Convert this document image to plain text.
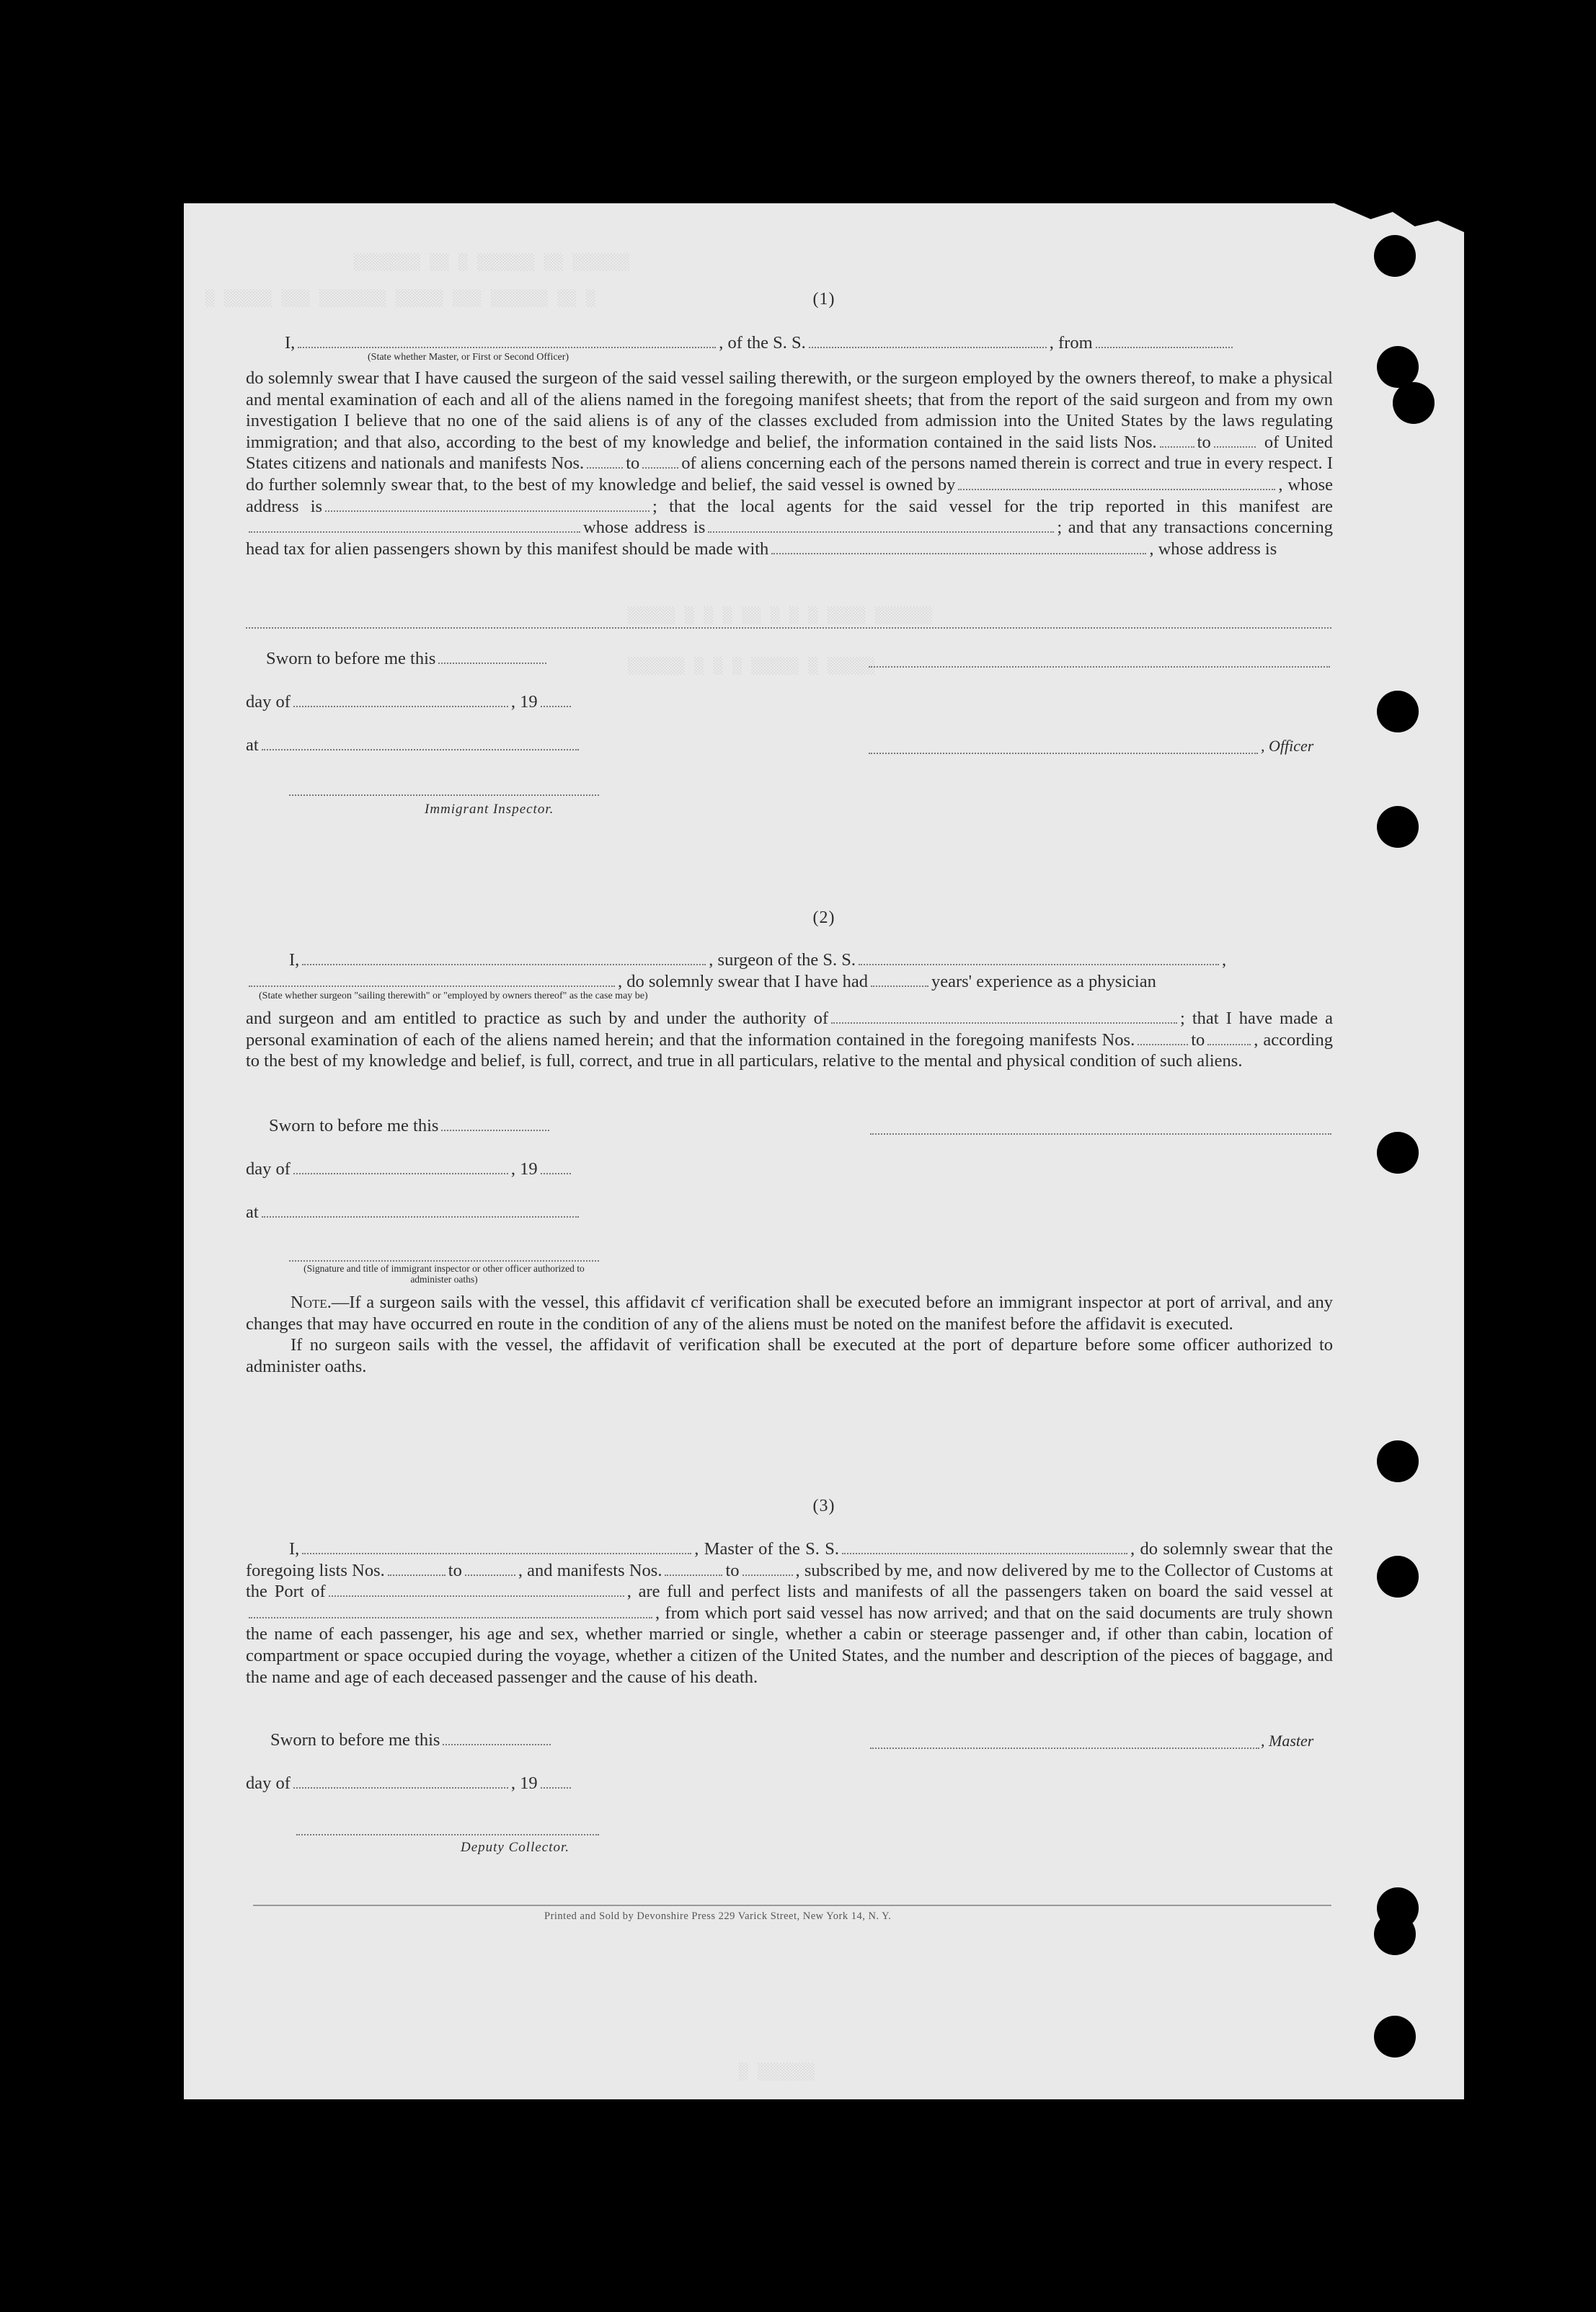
░░░░░░░ ░░ ░ ░░░░░░ ░░ ░░░░░░
░ ░░░░░ ░░░ ░░░░░░░ ░░░░░ ░░░ ░░░░░░ ░░ ░
░░░░░ ░ ░ ░ ░░ ░ ░ ░ ░░░░ ░░░░░░
░░░░░░ ░ ░ ░ ░░░░░ ░ ░░░░░
░ ░░░░░░
(1)
I,	, of the S. S.	, from
(State whether Master, or First or Second Officer)

do solemnly swear that I have caused the surgeon of the said vessel sailing therewith, or the surgeon employed by the owners thereof, to make a physical and mental examination of each and all of the aliens named in the foregoing manifest sheets; that from the report of the said surgeon and from my own investigation I believe that no one of the said aliens is of any of the classes excluded from admission into the United States by the laws regulating immigration; and that also, according to the best of my knowledge and belief, the information contained in the said lists Nos. to	of United States citizens and nationals and manifests Nos. to of aliens concerning each of the persons named therein is correct and true in every respect. I do further solemnly swear that, to the best of my knowledge and belief, the said vessel is owned by	, whose address is	; that the local agents for the said vessel for the trip reported in this manifest arewhose address is	; and that any transactions concerning head tax for alien passengers shown by this manifest should be made with	, whose address is

Sworn to before me this
day of	, 19
at	, Officer
Immigrant Inspector.
(2)
I,	, surgeon of the S. S.	,
, do solemnly swear that I have had	years' experience as a physician
(State whether surgeon "sailing therewith" or "employed by owners thereof" as the case may be)

and surgeon and am entitled to practice as such by and under the authority of	; that I have made a personal examination of each of the aliens named herein; and that the information contained in the foregoing manifests Nos.	to	, according to the best of my knowledge and belief, is full, correct, and true in all particulars, relative to the mental and physical condition of such aliens.

Sworn to before me this
day of	, 19
at
(Signature and title of immigrant inspector or other officer authorized to administer oaths)

Note.—If a surgeon sails with the vessel, this affidavit cf verification shall be executed before an immigrant inspector at port of arrival, and any changes that may have occurred en route in the condition of any of the aliens must be noted on the manifest before the affidavit is executed.

If no surgeon sails with the vessel, the affidavit of verification shall be executed at the port of departure before some officer authorized to administer oaths.

(3)

I,	, Master of the S. S.	, do solemnly swear that the foregoing lists Nos.	to	, and manifests Nos.	to	, subscribed by me, and now delivered by me to the Collector of Customs at the Port of	, are full and perfect lists and manifests of all the passengers taken on board the said vessel at, from which port said vessel has now arrived; and that on the said documents are truly shown the name of each passenger, his age and sex, whether married or single, whether a cabin or steerage passenger and, if other than cabin, location of compartment or space occupied during the voyage, whether a citizen of the United States, and the number and description of the pieces of baggage, and the name and age of each deceased passenger and the cause of his death.

Sworn to before me this	, Master
day of	, 19
Deputy Collector.
Printed and Sold by Devonshire Press 229 Varick Street, New York 14, N. Y.
